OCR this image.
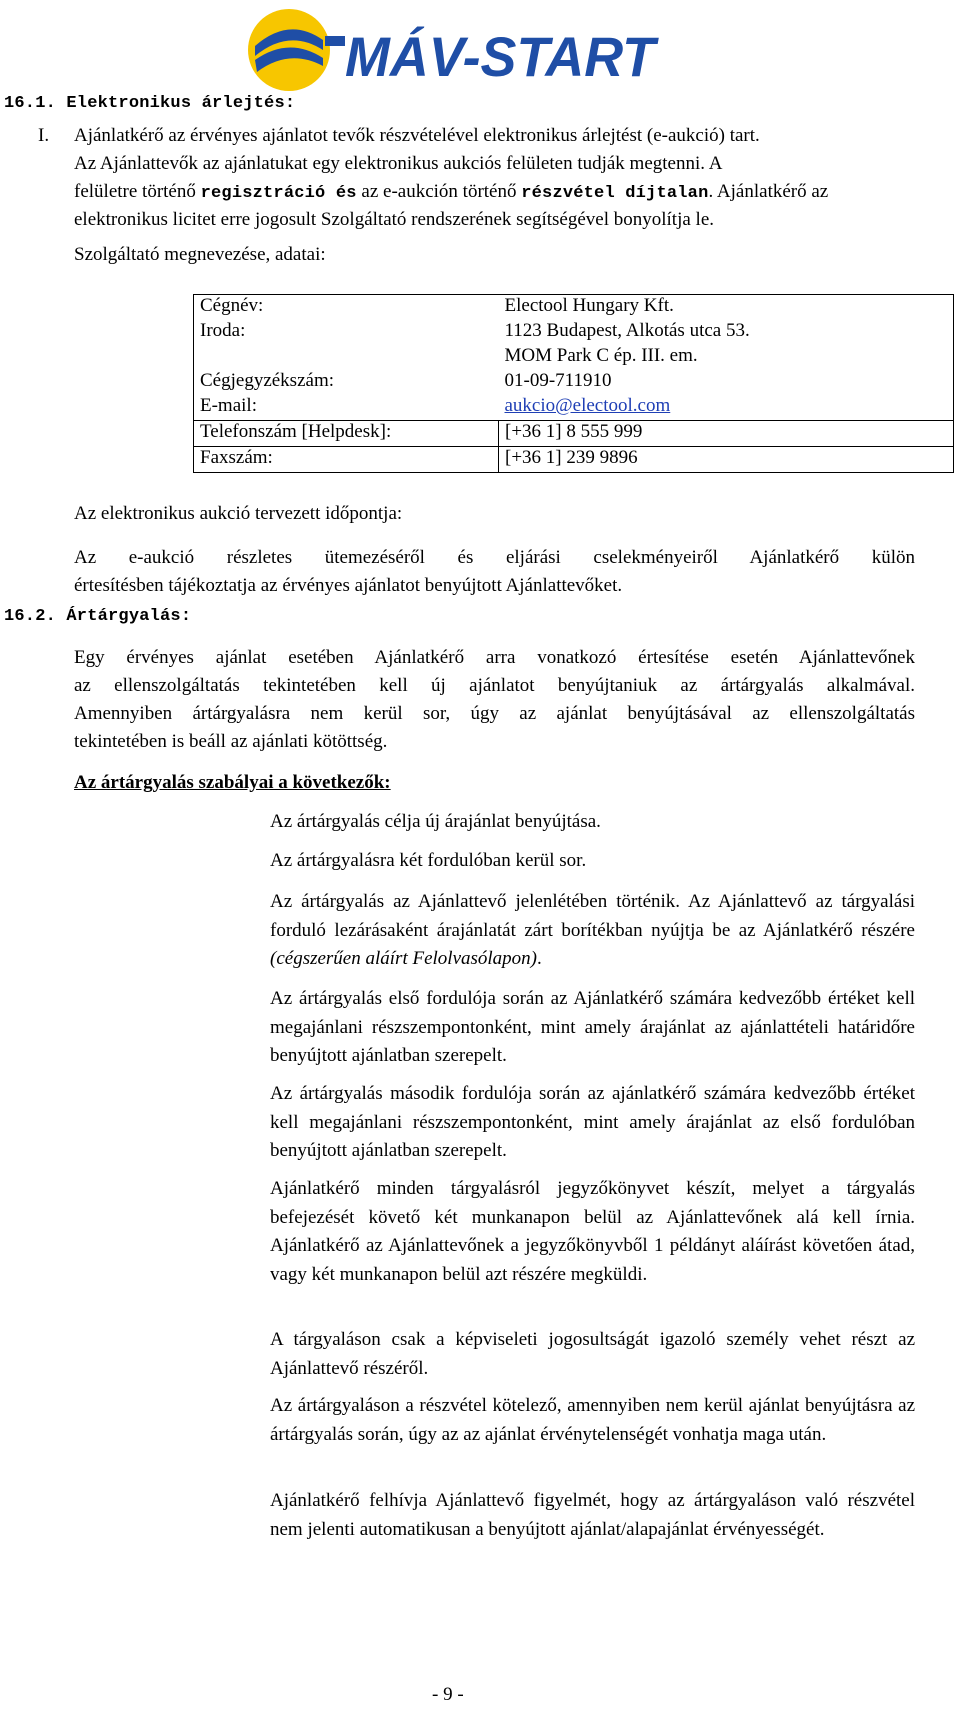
MÁV-START
16.1. Elektronikus árlejtés:
I. Ajánlatkérő az érvényes ajánlatot tevők részvételével elektronikus árlejtést (e-aukció) tart.
Az Ajánlattevők az ajánlatukat egy elektronikus aukciós felületen tudják megtenni. A
felületre történő regisztráció és az e-aukción történő részvétel díjtalan. Ajánlatkérő az
elektronikus licitet erre jogosult Szolgáltató rendszerének segítségével bonyolítja le.
Szolgáltató megnevezése, adatai:
Cégnév:	Electool Hungary Kft.
Iroda:	1123 Budapest, Alkotás utca 53.
	MOM Park C ép. III. em.
Cégjegyzékszám:	01-09-711910
E-mail:	aukcio@electool.com
Telefonszám [Helpdesk]:	[+36 1] 8 555 999
Faxszám:	[+36 1] 239 9896
Az elektronikus aukció tervezett időpontja:
Az e-aukció részletes ütemezéséről és eljárási cselekményeiről Ajánlatkérő külön
értesítésben tájékoztatja az érvényes ajánlatot benyújtott Ajánlattevőket.
16.2. Ártárgyalás:
Egy érvényes ajánlat esetében Ajánlatkérő arra vonatkozó értesítése esetén Ajánlattevőnek
az ellenszolgáltatás tekintetében kell új ajánlatot benyújtaniuk az ártárgyalás alkalmával.
Amennyiben ártárgyalásra nem kerül sor, úgy az ajánlat benyújtásával az ellenszolgáltatás
tekintetében is beáll az ajánlati kötöttség.
Az ártárgyalás szabályai a következők:

Az ártárgyalás célja új árajánlat benyújtása.

Az ártárgyalásra két fordulóban kerül sor.

Az ártárgyalás az Ajánlattevő jelenlétében történik. Az Ajánlattevő az tárgyalási forduló lezárásaként árajánlatát zárt borítékban nyújtja be az Ajánlatkérő részére (cégszerűen aláírt Felolvasólapon).

Az ártárgyalás első fordulója során az Ajánlatkérő számára kedvezőbb értéket kell megajánlani részszempontonként, mint amely árajánlat az ajánlattételi határidőre benyújtott ajánlatban szerepelt.

Az ártárgyalás második fordulója során az ajánlatkérő számára kedvezőbb értéket kell megajánlani részszempontonként, mint amely árajánlat az első fordulóban benyújtott ajánlatban szerepelt.

Ajánlatkérő minden tárgyalásról jegyzőkönyvet készít, melyet a tárgyalás befejezését követő két munkanapon belül az Ajánlattevőnek alá kell írnia. Ajánlatkérő az Ajánlattevőnek a jegyzőkönyvből 1 példányt aláírást követően átad, vagy két munkanapon belül azt részére megküldi.

A tárgyaláson csak a képviseleti jogosultságát igazoló személy vehet részt az Ajánlattevő részéről.

Az ártárgyaláson a részvétel kötelező, amennyiben nem kerül ajánlat benyújtásra az ártárgyalás során, úgy az az ajánlat érvénytelenségét vonhatja maga után.

Ajánlatkérő felhívja Ajánlattevő figyelmét, hogy az ártárgyaláson való részvétel nem jelenti automatikusan a benyújtott ajánlat/alapajánlat érvényességét.

- 9 -
